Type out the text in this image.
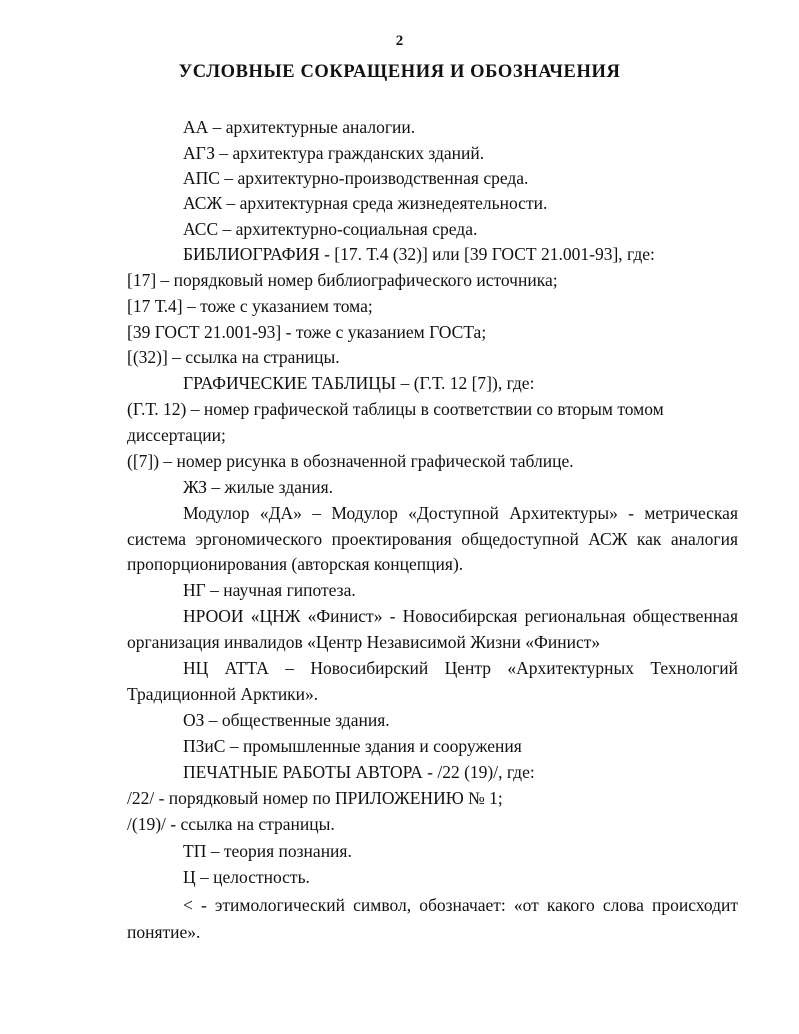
2
УСЛОВНЫЕ СОКРАЩЕНИЯ И ОБОЗНАЧЕНИЯ
АА – архитектурные аналогии.
АГЗ – архитектура гражданских зданий.
АПС – архитектурно-производственная среда.
АСЖ – архитектурная среда жизнедеятельности.
АСС – архитектурно-социальная среда.
БИБЛИОГРАФИЯ - [17. Т.4 (32)] или [39 ГОСТ 21.001-93], где:
[17] – порядковый номер библиографического источника;
[17 Т.4] – тоже с указанием тома;
[39 ГОСТ 21.001-93] - тоже с указанием ГОСТа;
[(32)] – ссылка на страницы.
ГРАФИЧЕСКИЕ ТАБЛИЦЫ – (Г.Т. 12 [7]), где:
(Г.Т. 12) – номер графической таблицы в соответствии со вторым томом
диссертации;
([7]) – номер рисунка в обозначенной графической таблице.
ЖЗ – жилые здания.
Модулор «ДА» – Модулор «Доступной Архитектуры» - метрическая
система эргономического проектирования общедоступной АСЖ как аналогия
пропорционирования (авторская концепция).
НГ – научная гипотеза.
НРООИ «ЦНЖ «Финист» - Новосибирская региональная общественная
организация инвалидов «Центр Независимой Жизни «Финист»
НЦ АТТА – Новосибирский Центр «Архитектурных Технологий
Традиционной Арктики».
ОЗ – общественные здания.
ПЗиС – промышленные здания и сооружения
ПЕЧАТНЫЕ РАБОТЫ АВТОРА - /22 (19)/, где:
/22/ - порядковый номер по ПРИЛОЖЕНИЮ № 1;
/(19)/ - ссылка на страницы.
ТП – теория познания.
Ц – целостность.
< - этимологический символ, обозначает: «от какого слова происходит
понятие».
